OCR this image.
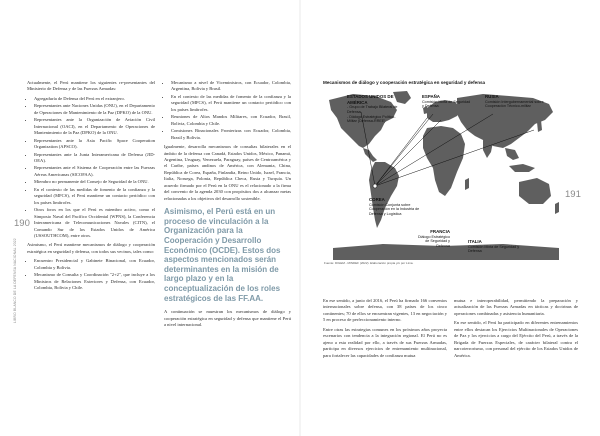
LIBRO BLANCO DE LA DEFENSA NACIONAL 2022

Actualmente, el Perú mantiene los siguientes re-presentantes del Ministerio de Defensa y de las Fuerzas Armadas:

• Agregaduría de Defensa del Perú en el extranjero.
• Representantes ante Naciones Unidas (ONU), en el Departamento de Operaciones de Mantenimiento de la Paz (DPKO) de la ONU.
• Representantes ante la Organización de Aviación Civil Internacional (OACI), en el Departamento de Operaciones de Mantenimiento de la Paz (DPKO) de la ONU.
• Representantes ante la Asia Pacific Space Cooperation Organization (APSCO).
• Representantes ante la Junta Interamericana de Defensa (JID-OEA).
• Representantes ante el Sistema de Cooperación entre las Fuerzas Aéreas Americanas (SICOFAA).
• Miembro no permanente del Consejo de Seguridad de la ONU.
• En el contexto de las medidas de fomento de la confianza y la seguridad (MFCS), el Perú mantiene un contacto periódico con los países limítrofes.
• Otros foros en los que el Perú es miembro activo, como el Simposio Naval del Pacífico Occidental (WPNS), la Conferencia Interamericana de Telecomunicaciones Navales (CITN), el Comando Sur de los Estados Unidos de América (USSOUTHCOM), entre otros.

Asimismo, el Perú mantiene mecanismos de diálogo y cooperación estratégica en seguridad y defensa, con todos sus vecinos, tales como:

• Encuentro Presidencial y Gabinete Binacional, con Ecuador, Colombia y Bolivia.
• Mecanismo de Consulta y Coordinación "2+2", que incluye a los Ministros de Relaciones Exteriores y Defensa, con Ecuador, Colombia, Bolivia y Chile.
• Mecanismo a nivel de Viceministros, con Ecuador, Colombia, Argentina, Bolivia y Brasil.
• En el contexto de las medidas de fomento de la confianza y la seguridad (MFCS), el Perú mantiene un contacto periódico con los países limítrofes.
• Reuniones de Altos Mandos Militares, con Ecuador, Brasil, Bolivia, Colombia y Chile.
• Comisiones Binacionales Fronterizas con Ecuador, Colombia, Brasil y Bolivia.

Igualmente, desarrolla mecanismos de consultas bilaterales en el ámbito de la defensa con Canadá, Estados Unidos, México, Panamá, Argentina, Uruguay, Venezuela, Paraguay, países de Centroamérica y el Caribe, países andinos de América, con Alemania, China, República de Corea, España, Finlandia, Reino Unido, Israel, Francia, Italia, Noruega, Polonia, República Checa, Rusia y Turquía. Un acuerdo firmado por el Perú en la ONU es el relacionado a la firma del convenio de la agenda 2030 con propósitos dos a alcanzar metas relacionadas a los objetivos del desarrollo sostenible.

Asimismo, el Perú está en un proceso de vinculación a la Organización para la Cooperación y Desarrollo Económico (OCDE). Estos dos aspectos mencionados serán determinantes en la misión de largo plazo y en la conceptualización de los roles estratégicos de las FF.AA.

A continuación se muestran los mecanismos de diálogo y cooperación estratégica en seguridad y defensa que mantiene el Perú a nivel internacional.

190
Mecanismos de diálogo y cooperación estratégica en seguridad y defensa
ESTADOS UNIDOS DE AMÉRICA
- Grupo de Trabajo Bilateral de Defensa
- Diálogo Estratégico Político-Militar (Defensa-RREE)
ESPAÑA
Comisión Mixta de Seguridad y Defensa
RUSIA
Comisión Intergubernamental sobre Cooperación Técnico-militar
COREA
Comisión Conjunta sobre Cooperación en la Industria de Defensa y Logística
FRANCIA
Diálogo Estratégico de Seguridad y Defensa
ITALIA
Comisión Mixta de Seguridad y Defensa
Fuente: DIGEM - MINDEF (2022). Elaboración propia y/o por Lima.

En ese sentido, a junio del 2016, el Perú ha firmado 166 convenios internacionales sobre defensa, con 38 países de los cinco continentes; 70 de ellos se encuentran vigentes, 13 en negociación y 5 en proceso de perfeccionamiento interno.

Entre otras las estrategias comunes en los próximos años proyecta escenarios con tendencia a la integración regional. El Perú no es ajeno a esta realidad por ello, a través de sus Fuerzas Armadas, participa en diversos ejercicios de entrenamiento multinacional, para fortalecer las capacidades de confianza mutua

mutua e interoperabilidad, permitiendo la preparación y actualización de las Fuerzas Armadas en tácticas y doctrinas de operaciones combinadas y asistencia humanitaria.

En ese sentido, el Perú ha participado en diferentes entrenamientos entre ellos destacan los Ejercicios Multinacionales de Operaciones de Paz y los ejercicios a cargo del Ejército del Perú, a través de la Brigada de Fuerzas Especiales, de carácter bilateral contra el narcoterrorismo, con personal del ejército de los Estados Unidos de América.

191
